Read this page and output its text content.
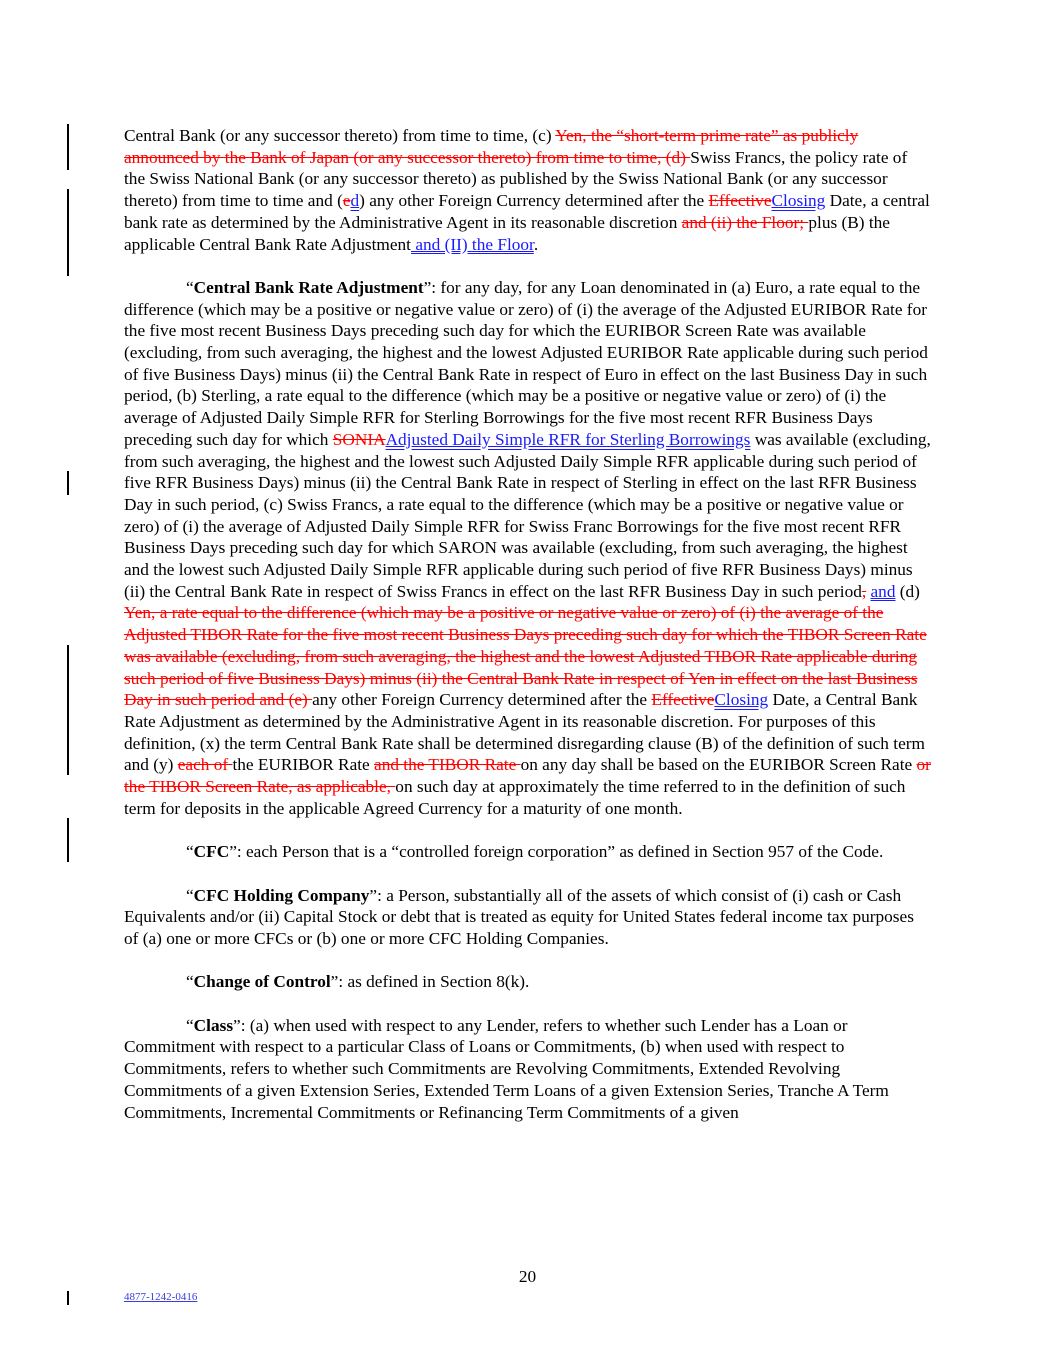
Central Bank (or any successor thereto) from time to time, (c) Yen, the “short-term prime rate” as publicly announced by the Bank of Japan (or any successor thereto) from time to time, (d) Swiss Francs, the policy rate of the Swiss National Bank (or any successor thereto) as published by the Swiss National Bank (or any successor thereto) from time to time and (ed) any other Foreign Currency determined after the EffectiveClosing Date, a central bank rate as determined by the Administrative Agent in its reasonable discretion and (ii) the Floor; plus (B) the applicable Central Bank Rate Adjustment and (II) the Floor.

“Central Bank Rate Adjustment”: for any day, for any Loan denominated in (a) Euro, a rate equal to the difference (which may be a positive or negative value or zero) of (i) the average of the Adjusted EURIBOR Rate for the five most recent Business Days preceding such day for which the EURIBOR Screen Rate was available (excluding, from such averaging, the highest and the lowest Adjusted EURIBOR Rate applicable during such period of five Business Days) minus (ii) the Central Bank Rate in respect of Euro in effect on the last Business Day in such period, (b) Sterling, a rate equal to the difference (which may be a positive or negative value or zero) of (i) the average of Adjusted Daily Simple RFR for Sterling Borrowings for the five most recent RFR Business Days preceding such day for which SONIAAdjusted Daily Simple RFR for Sterling Borrowings was available (excluding, from such averaging, the highest and the lowest such Adjusted Daily Simple RFR applicable during such period of five RFR Business Days) minus (ii) the Central Bank Rate in respect of Sterling in effect on the last RFR Business Day in such period, (c) Swiss Francs, a rate equal to the difference (which may be a positive or negative value or zero) of (i) the average of Adjusted Daily Simple RFR for Swiss Franc Borrowings for the five most recent RFR Business Days preceding such day for which SARON was available (excluding, from such averaging, the highest and the lowest such Adjusted Daily Simple RFR applicable during such period of five RFR Business Days) minus (ii) the Central Bank Rate in respect of Swiss Francs in effect on the last RFR Business Day in such period, and (d) Yen, a rate equal to the difference (which may be a positive or negative value or zero) of (i) the average of the Adjusted TIBOR Rate for the five most recent Business Days preceding such day for which the TIBOR Screen Rate was available (excluding, from such averaging, the highest and the lowest Adjusted TIBOR Rate applicable during such period of five Business Days) minus (ii) the Central Bank Rate in respect of Yen in effect on the last Business Day in such period and (e) any other Foreign Currency determined after the EffectiveClosing Date, a Central Bank Rate Adjustment as determined by the Administrative Agent in its reasonable discretion. For purposes of this definition, (x) the term Central Bank Rate shall be determined disregarding clause (B) of the definition of such term and (y) each of the EURIBOR Rate and the TIBOR Rate on any day shall be based on the EURIBOR Screen Rate or the TIBOR Screen Rate, as applicable, on such day at approximately the time referred to in the definition of such term for deposits in the applicable Agreed Currency for a maturity of one month.

“CFC”: each Person that is a “controlled foreign corporation” as defined in Section 957 of the Code.

“CFC Holding Company”: a Person, substantially all of the assets of which consist of (i) cash or Cash Equivalents and/or (ii) Capital Stock or debt that is treated as equity for United States federal income tax purposes of (a) one or more CFCs or (b) one or more CFC Holding Companies.

“Change of Control”: as defined in Section 8(k).

“Class”: (a) when used with respect to any Lender, refers to whether such Lender has a Loan or Commitment with respect to a particular Class of Loans or Commitments, (b) when used with respect to Commitments, refers to whether such Commitments are Revolving Commitments, Extended Revolving Commitments of a given Extension Series, Extended Term Loans of a given Extension Series, Tranche A Term Commitments, Incremental Commitments or Refinancing Term Commitments of a given

20
4877-1242-0416
